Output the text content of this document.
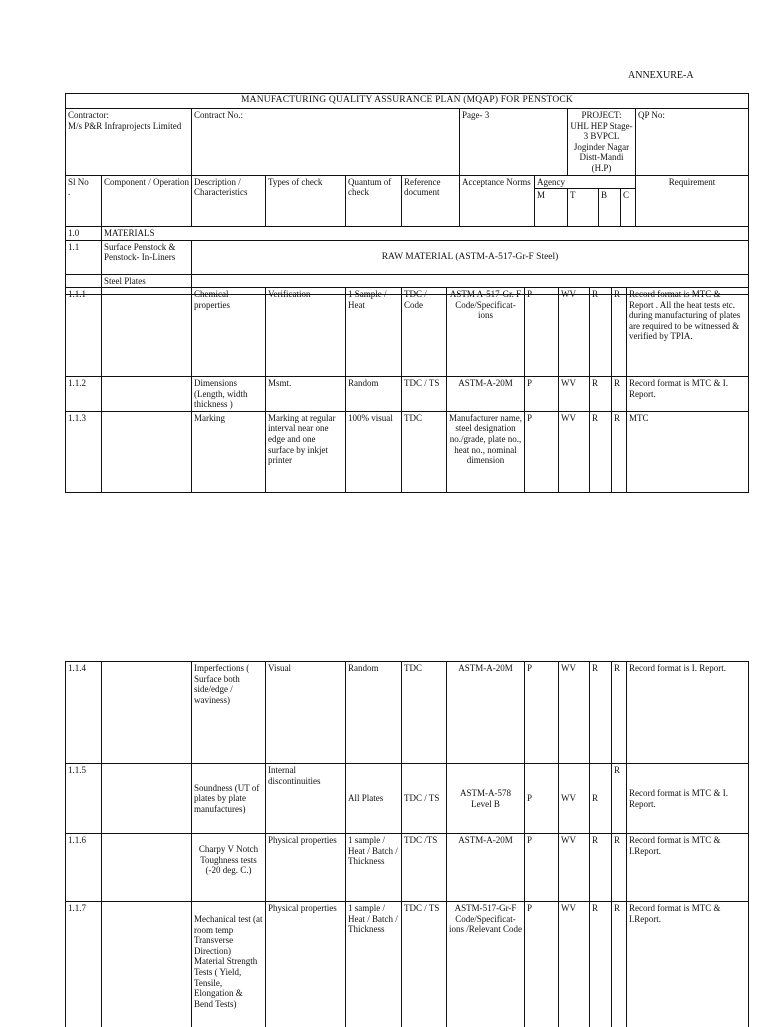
ANNEXURE-A
MANUFACTURING QUALITY ASSURANCE PLAN (MQAP) FOR PENSTOCK											
Contractor:
M/s P&R Infraprojects Limited		Contract No.:				Page- 3		PROJECT:
UHL HEP Stage-3 BVPCL
Joginder Nagar
Distt-Mandi (H.P)			QP No:
Sl No
.	Component / Operation	Description / Characteristics	Types of check	Quantum of check	Reference document	Acceptance Norms	Agency				Requirement
							M	T	B	C	
1.0	MATERIALS										
1.1	Surface Penstock & Penstock- In-Liners	RAW MATERIAL (ASTM-A-517-Gr-F Steel)									
	Steel Plates										
1.1.1		Chemical properties	Verification	1 Sample / Heat	TDC / Code	ASTM A-517-Gr. F Code/Specificat-ions	P	WV	R	R	Record format is MTC & Report . All the heat tests etc. during manufacturing of plates are required to be witnessed & verified by TPIA.
1.1.2		Dimensions (Length, width thickness )	Msmt.	Random	TDC / TS	ASTM-A-20M	P	WV	R	R	Record format is MTC & I. Report.
1.1.3		Marking	Marking at regular interval near one edge and one surface by inkjet printer	100% visual	TDC	Manufacturer name, steel designation no./grade, plate no., heat no., nominal dimension	P	WV	R	R	MTC
1.1.4		Imperfections ( Surface both side/edge / waviness)	Visual	Random	TDC	ASTM-A-20M	P	WV	R	R	Record format is I. Report.
1.1.5		Soundness (UT of plates by plate manufactures)	Internal discontinuities	All Plates	TDC / TS	ASTM-A-578 Level B	P	WV	R	R	Record format is MTC & I. Report.
1.1.6		Charpy V Notch Toughness tests (-20 deg. C.)	Physical properties	1 sample / Heat / Batch / Thickness	TDC /TS	ASTM-A-20M	P	WV	R	R	Record format is MTC & I.Report.
1.1.7		Mechanical test (at room temp Transverse Direction) Material Strength Tests ( Yield, Tensile, Elongation & Bend Tests)	Physical properties	1 sample / Heat / Batch / Thickness	TDC / TS	ASTM-517-Gr-F Code/Specificat-ions /Relevant Code	P	WV	R	R	Record format is MTC & I.Report.
